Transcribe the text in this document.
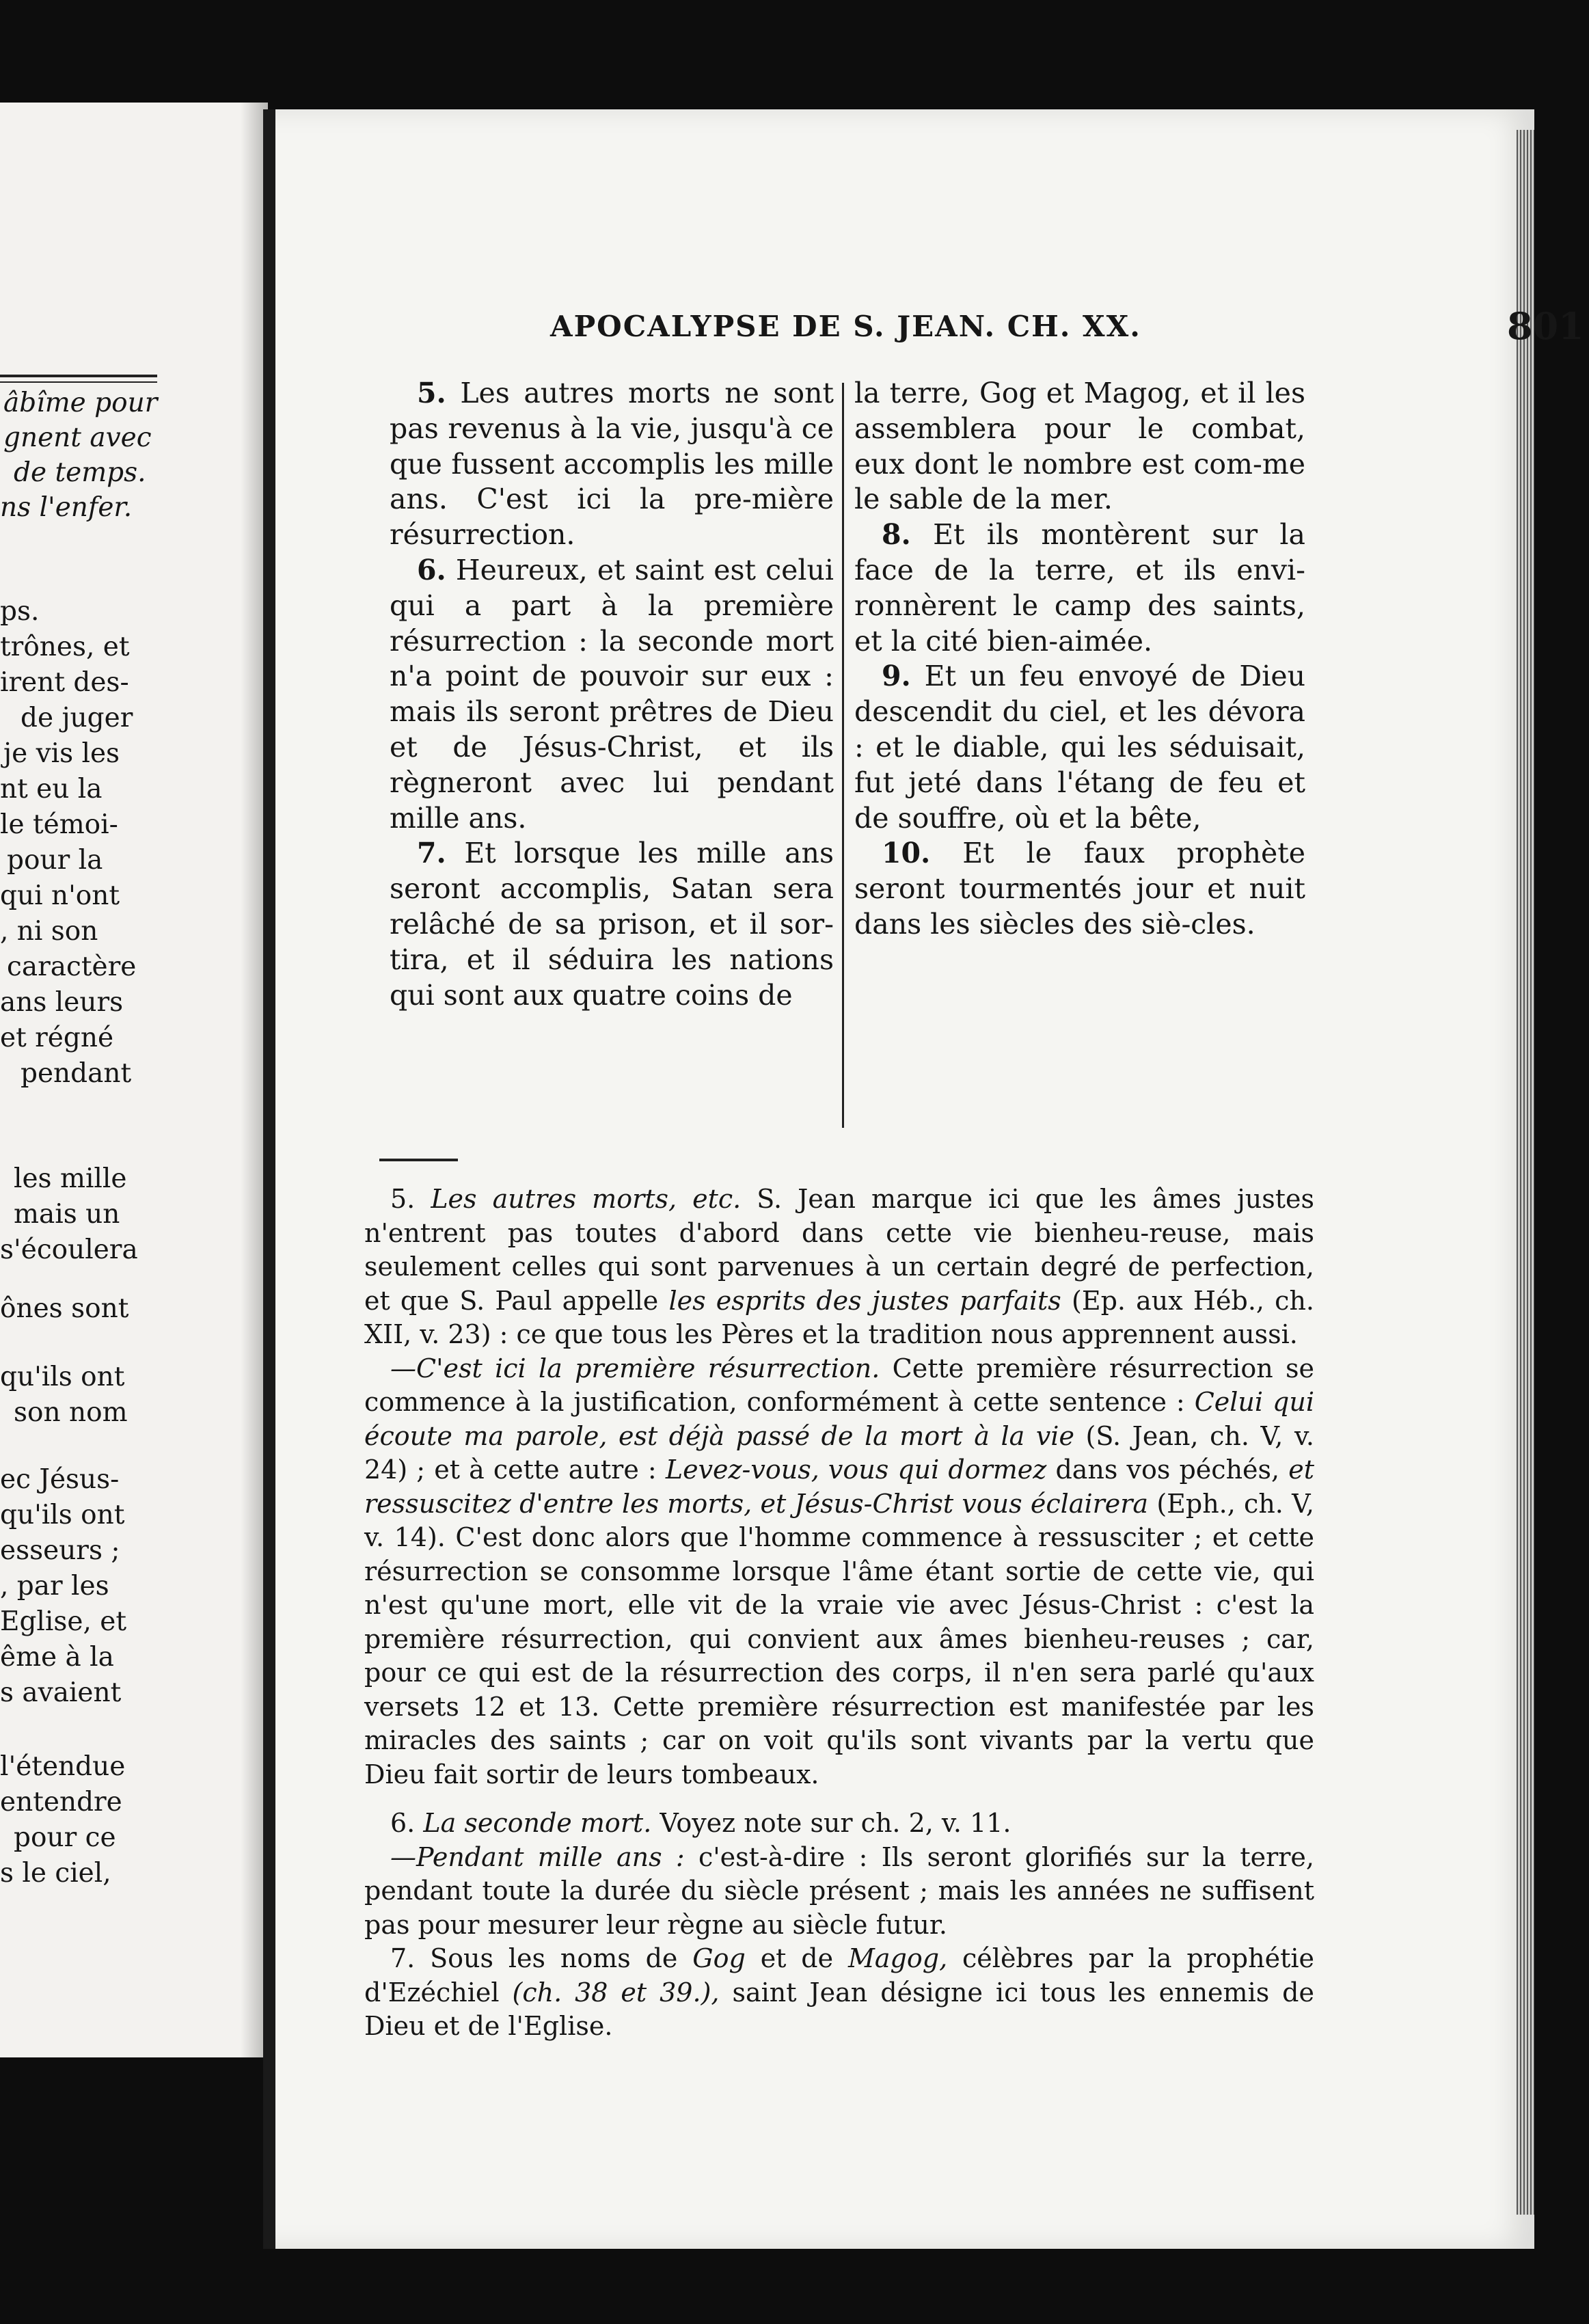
âbîme pour
gnent avec
de temps.
ns l'enfer.
ps.
trônes, et
irent des-
de juger
je vis les
nt eu la
le témoi-
pour la
qui n'ont
, ni son
caractère
ans leurs
et régné
pendant
les mille
mais un
s'écoulera
ônes sont
qu'ils ont
son nom
ec Jésus-
qu'ils ont
esseurs ;
, par les
Eglise, et
ême à la
s avaient
l'étendue
entendre
pour ce
s le ciel,
APOCALYPSE DE S. JEAN. CH. XX.	801

5. Les autres morts ne sont pas revenus à la vie, jusqu'à ce que fussent accomplis les mille ans. C'est ici la pre-mière résurrection.

6. Heureux, et saint est celui qui a part à la première résurrection : la seconde mort n'a point de pouvoir sur eux : mais ils seront prêtres de Dieu et de Jésus-Christ, et ils règneront avec lui pendant mille ans.

7. Et lorsque les mille ans seront accomplis, Satan sera relâché de sa prison, et il sor-tira, et il séduira les nations qui sont aux quatre coins de

la terre, Gog et Magog, et il les assemblera pour le combat, eux dont le nombre est com-me le sable de la mer.

8. Et ils montèrent sur la face de la terre, et ils envi-ronnèrent le camp des saints, et la cité bien-aimée.

9. Et un feu envoyé de Dieu descendit du ciel, et les dévora : et le diable, qui les séduisait, fut jeté dans l'étang de feu et de souffre, où et la bête,

10. Et le faux prophète seront tourmentés jour et nuit dans les siècles des siè-cles.

5. Les autres morts, etc. S. Jean marque ici que les âmes justes n'entrent pas toutes d'abord dans cette vie bienheu-reuse, mais seulement celles qui sont parvenues à un certain degré de perfection, et que S. Paul appelle les esprits des justes parfaits (Ep. aux Héb., ch. XII, v. 23) : ce que tous les Pères et la tradition nous apprennent aussi.

—C'est ici la première résurrection. Cette première résurrection se commence à la justification, conformément à cette sentence : Celui qui écoute ma parole, est déjà passé de la mort à la vie (S. Jean, ch. V, v. 24) ; et à cette autre : Levez-vous, vous qui dormez dans vos péchés, et ressuscitez d'entre les morts, et Jésus-Christ vous éclairera (Eph., ch. V, v. 14). C'est donc alors que l'homme commence à ressusciter ; et cette résurrection se consomme lorsque l'âme étant sortie de cette vie, qui n'est qu'une mort, elle vit de la vraie vie avec Jésus-Christ : c'est la première résurrection, qui convient aux âmes bienheu-reuses ; car, pour ce qui est de la résurrection des corps, il n'en sera parlé qu'aux versets 12 et 13. Cette première résurrection est manifestée par les miracles des saints ; car on voit qu'ils sont vivants par la vertu que Dieu fait sortir de leurs tombeaux.

6. La seconde mort. Voyez note sur ch. 2, v. 11.

—Pendant mille ans : c'est-à-dire : Ils seront glorifiés sur la terre, pendant toute la durée du siècle présent ; mais les années ne suffisent pas pour mesurer leur règne au siècle futur.

7. Sous les noms de Gog et de Magog, célèbres par la prophétie d'Ezéchiel (ch. 38 et 39.), saint Jean désigne ici tous les ennemis de Dieu et de l'Eglise.
